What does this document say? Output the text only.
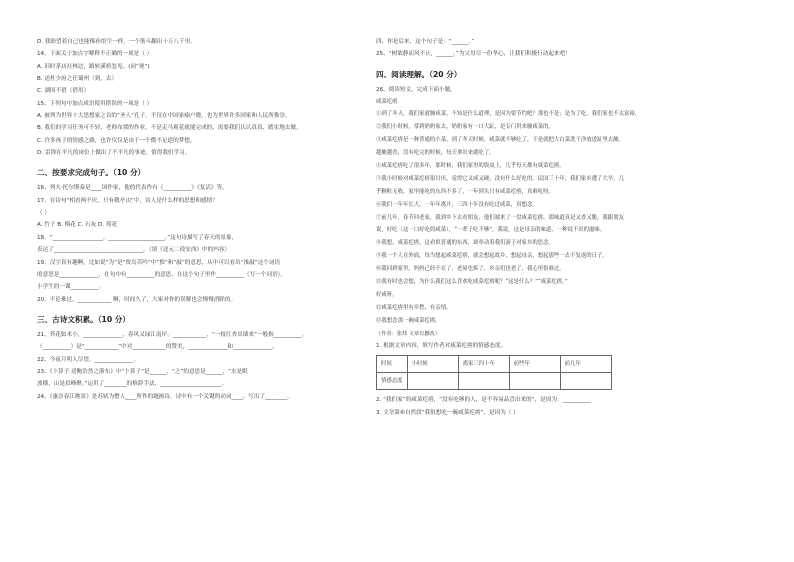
D. 我盼望着自己也能像孙悟空一样，一个筋斗翻出十万八千里。
14、下面关于加点字解释不正确的一项是（ ）
A. 旧时茅店社林边，路转溪桥忽见。(同“现”)
B. 送杜少府之任蜀州（到，去）
C. 湖因不借（借用）
15、下列句中加点成语使用错误的一项是（ ）
A. 被列为世界十大思想家之首的“圣人”孔子，不仅在中国家喻户晓，也为世界许多国家和人民所推崇。
B. 我们的学习任务可不轻，老师布置的作业，不是走马观花就能完成的，需要我们认认真真、踏实地去做。
C. 许多孩子的情感之路，也许仅仅是由于一个微不足道的梦想。
D. 雷锋在平凡的岗位上做出了不平凡的事迹，值得我们学习。
二、按要求完成句子。（10 分）
16、列夫·托尔斯泰是____国作家，他的代表作有《__________》《复活》等。
17、在诗句“相看两不厌，只有敬亭山”中，诗人是什么样的思想和感情？
（ ）
A. 竹子 B. 梅花 C. 石灰 D. 荷花
18、“__________________，____________________。”这句诗描写了春天的景象，
表达了________________________________。（填《送元二使安西》中的内容）
19、汉字真有趣啊，比如说“为”是“贾岛苦吟”中“推”和“敲”的意思，从中可以看出“推敲”这个词语
的意思是______________，在句中有__________的意思，在这个句子里作__________（写一个词语）。
小学生的一课__________。
20、不论难过，____________ 啊，时间久了，大家对你的误解也会慢慢消除的。
三、古诗文积累。（10 分）
21、苔花如米小，______________，春风又绿江南岸，____________，“一枝红杏出墙来”一般指__________。
（__________）是“____________”中对____________的赞美，______________和______________。
22、今夜月明人尽望，______________。
23、《卜算子·送鲍浩然之浙东》中“卜算子”是______，“之”的意思是______，“水是眼
波横，山是眉峰聚。”运用了________的修辞手法，______________________。
24、《惠崇春江晚景》是苏轼为僧人____所作的题画诗，诗中有一个关键的动词____，写出了________。
四、你是后来，这个句子是：“______。”
25、“树欲静而风不止，______。”为父母尽一份孝心，让我们积极行动起来吧！
四、阅读理解。（20 分）
26、阅读短文，完成下面小题。
咸菜疙瘩
①到了冬天，我们家就腌咸菜，不知是什么道理，是因为要节约吧？那也不是；是为了吃，我们家也不太富裕，
②我们小时候，常到奶奶家去，奶奶家有一口大缸，是专门用来腌咸菜的。
③咸菜疙瘩是一种普通的小菜，到了冬天时候，咸菜就不够吃了，于是就把大白菜洗干净放进缸里去腌。
越腌越香，没有吃完的时候，每天拿出来就吃了。
④咸菜疙瘩吃了很多年，那时候，我们家里的饭桌上，几乎每天都有咸菜疙瘩。
⑤我小时候对咸菜疙瘩很讨厌，觉得它又咸又硬，没有什么好吃的。民国三十年，我们家乡遭了大旱，几
乎颗粒无收，家里能吃的东西不多了，一年到头只有咸菜疙瘩，真难吃呀。
⑥我们一年年长大，一年年离开，三四十年没有吃过咸菜，真想念。
⑦前几年，春节回老家，我到乡下去看朋友，他们端来了一盘咸菜疙瘩，那味道真是又香又脆。我跟朋友
说，好吃（这一口好吃的咸菜），“一辈子吃不够”，我说，这是母亲的味道，一种说不出的滋味。
⑧我想，咸菜疙瘩，这看似普通的东西，却牵动着我们游子对家乡的思念。
⑨我一个人在外面，每当想起咸菜疙瘩，就会想起故乡，想起母亲，想起那些一去不复返的日子。
⑩我回到家里，妈妈已经不在了，老屋也拆了，乡亲们也老了，我心里很难过。
⑪我有时也会想，为什么我们这么喜欢吃咸菜疙瘩呢？“这是什么？”“咸菜疙瘩。”
好咸呀。
⑫咸菜疙瘩里有乡愁，有亲情。
⑬我想念那一碗咸菜疙瘩。
（作者：张炜 文章有删改）
1. 根据文章内容，填写作者对咸菜疙瘩的情感态度。
时间	小时候	离家三四十年	前些年	前几年
情感态度				
2. “我们家”的咸菜疙瘩，“没有吃够的人，是不容易品尝出来的”，是因为：__________
3. 文章第⑥自然段“我很想吃一碗咸菜疙瘩”，是因为（ ）
